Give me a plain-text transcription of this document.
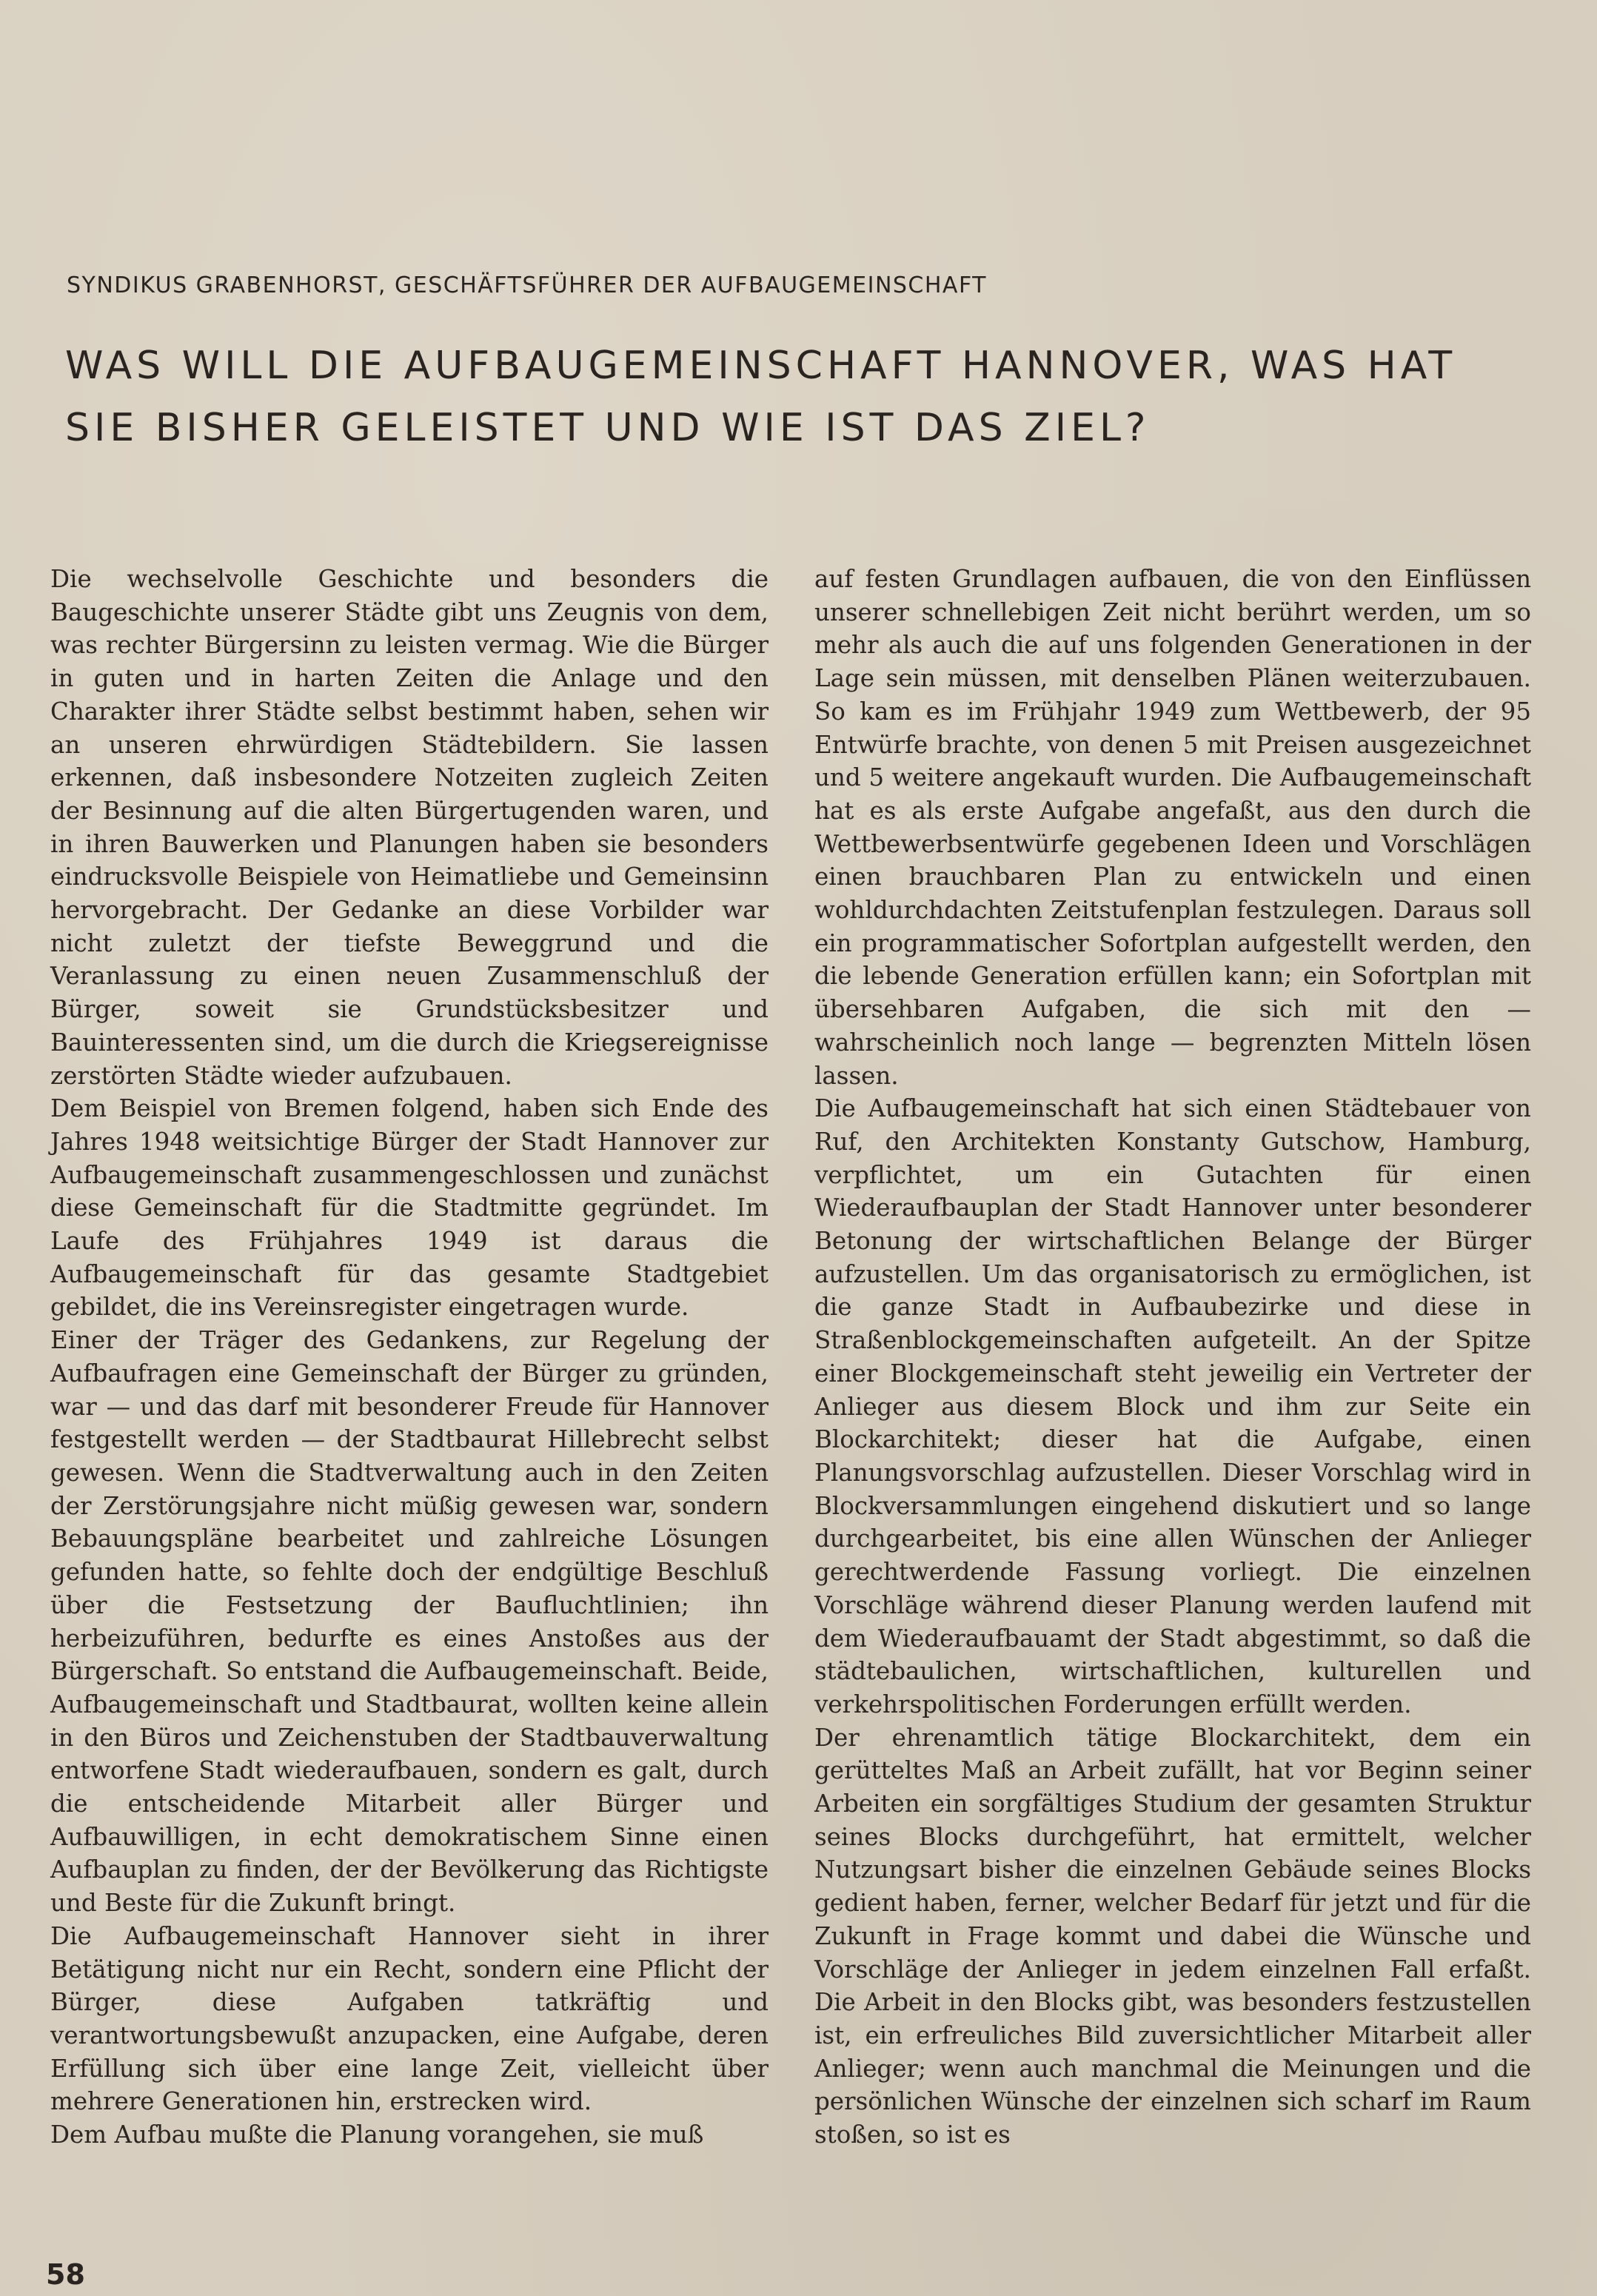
SYNDIKUS GRABENHORST, GESCHÄFTSFÜHRER DER AUFBAUGEMEINSCHAFT
WAS WILL DIE AUFBAUGEMEINSCHAFT HANNOVER, WAS HAT SIE BISHER GELEISTET UND WIE IST DAS ZIEL?

Die wechselvolle Geschichte und besonders die Baugeschichte unserer Städte gibt uns Zeugnis von dem, was rechter Bürgersinn zu leisten vermag. Wie die Bürger in guten und in harten Zeiten die Anlage und den Charakter ihrer Städte selbst bestimmt haben, sehen wir an unseren ehrwürdigen Städtebildern. Sie lassen erkennen, daß insbesondere Notzeiten zugleich Zeiten der Besinnung auf die alten Bürgertugenden waren, und in ihren Bauwerken und Planungen haben sie besonders eindrucksvolle Beispiele von Heimatliebe und Gemeinsinn hervorgebracht. Der Gedanke an diese Vorbilder war nicht zuletzt der tiefste Beweggrund und die Veranlassung zu einen neuen Zusammenschluß der Bürger, soweit sie Grundstücksbesitzer und Bauinteressenten sind, um die durch die Kriegsereignisse zerstörten Städte wieder aufzubauen.

Dem Beispiel von Bremen folgend, haben sich Ende des Jahres 1948 weitsichtige Bürger der Stadt Hannover zur Aufbaugemeinschaft zusammengeschlossen und zunächst diese Gemeinschaft für die Stadtmitte gegründet. Im Laufe des Frühjahres 1949 ist daraus die Aufbaugemeinschaft für das gesamte Stadtgebiet gebildet, die ins Vereinsregister eingetragen wurde.

Einer der Träger des Gedankens, zur Regelung der Aufbaufragen eine Gemeinschaft der Bürger zu gründen, war — und das darf mit besonderer Freude für Hannover festgestellt werden — der Stadtbaurat Hillebrecht selbst gewesen. Wenn die Stadtverwaltung auch in den Zeiten der Zerstörungsjahre nicht müßig gewesen war, sondern Bebauungspläne bearbeitet und zahlreiche Lösungen gefunden hatte, so fehlte doch der endgültige Beschluß über die Festsetzung der Baufluchtlinien; ihn herbeizuführen, bedurfte es eines Anstoßes aus der Bürgerschaft. So entstand die Aufbaugemeinschaft. Beide, Aufbaugemeinschaft und Stadtbaurat, wollten keine allein in den Büros und Zeichenstuben der Stadtbauverwaltung entworfene Stadt wiederaufbauen, sondern es galt, durch die entscheidende Mitarbeit aller Bürger und Aufbauwilligen, in echt demokratischem Sinne einen Aufbauplan zu finden, der der Bevölkerung das Richtigste und Beste für die Zukunft bringt.

Die Aufbaugemeinschaft Hannover sieht in ihrer Betätigung nicht nur ein Recht, sondern eine Pflicht der Bürger, diese Aufgaben tatkräftig und verantwortungsbewußt anzupacken, eine Aufgabe, deren Erfüllung sich über eine lange Zeit, vielleicht über mehrere Generationen hin, erstrecken wird.

Dem Aufbau mußte die Planung vorangehen, sie muß

auf festen Grundlagen aufbauen, die von den Einflüssen unserer schnellebigen Zeit nicht berührt werden, um so mehr als auch die auf uns folgenden Generationen in der Lage sein müssen, mit denselben Plänen weiterzubauen. So kam es im Frühjahr 1949 zum Wettbewerb, der 95 Entwürfe brachte, von denen 5 mit Preisen ausgezeichnet und 5 weitere angekauft wurden. Die Aufbaugemeinschaft hat es als erste Aufgabe angefaßt, aus den durch die Wettbewerbsentwürfe gegebenen Ideen und Vorschlägen einen brauchbaren Plan zu entwickeln und einen wohldurchdachten Zeitstufenplan festzulegen. Daraus soll ein programmatischer Sofortplan aufgestellt werden, den die lebende Generation erfüllen kann; ein Sofortplan mit übersehbaren Aufgaben, die sich mit den — wahrscheinlich noch lange — begrenzten Mitteln lösen lassen.

Die Aufbaugemeinschaft hat sich einen Städtebauer von Ruf, den Architekten Konstanty Gutschow, Hamburg, verpflichtet, um ein Gutachten für einen Wiederaufbauplan der Stadt Hannover unter besonderer Betonung der wirtschaftlichen Belange der Bürger aufzustellen. Um das organisatorisch zu ermöglichen, ist die ganze Stadt in Aufbaubezirke und diese in Straßenblockgemeinschaften aufgeteilt. An der Spitze einer Blockgemeinschaft steht jeweilig ein Vertreter der Anlieger aus diesem Block und ihm zur Seite ein Blockarchitekt; dieser hat die Aufgabe, einen Planungsvorschlag aufzustellen. Dieser Vorschlag wird in Blockversammlungen eingehend diskutiert und so lange durchgearbeitet, bis eine allen Wünschen der Anlieger gerechtwerdende Fassung vorliegt. Die einzelnen Vorschläge während dieser Planung werden laufend mit dem Wiederaufbauamt der Stadt abgestimmt, so daß die städtebaulichen, wirtschaftlichen, kulturellen und verkehrspolitischen Forderungen erfüllt werden.

Der ehrenamtlich tätige Blockarchitekt, dem ein gerütteltes Maß an Arbeit zufällt, hat vor Beginn seiner Arbeiten ein sorgfältiges Studium der gesamten Struktur seines Blocks durchgeführt, hat ermittelt, welcher Nutzungsart bisher die einzelnen Gebäude seines Blocks gedient haben, ferner, welcher Bedarf für jetzt und für die Zukunft in Frage kommt und dabei die Wünsche und Vorschläge der Anlieger in jedem einzelnen Fall erfaßt. Die Arbeit in den Blocks gibt, was besonders festzustellen ist, ein erfreuliches Bild zuversichtlicher Mitarbeit aller Anlieger; wenn auch manchmal die Meinungen und die persönlichen Wünsche der einzelnen sich scharf im Raum stoßen, so ist es

58
